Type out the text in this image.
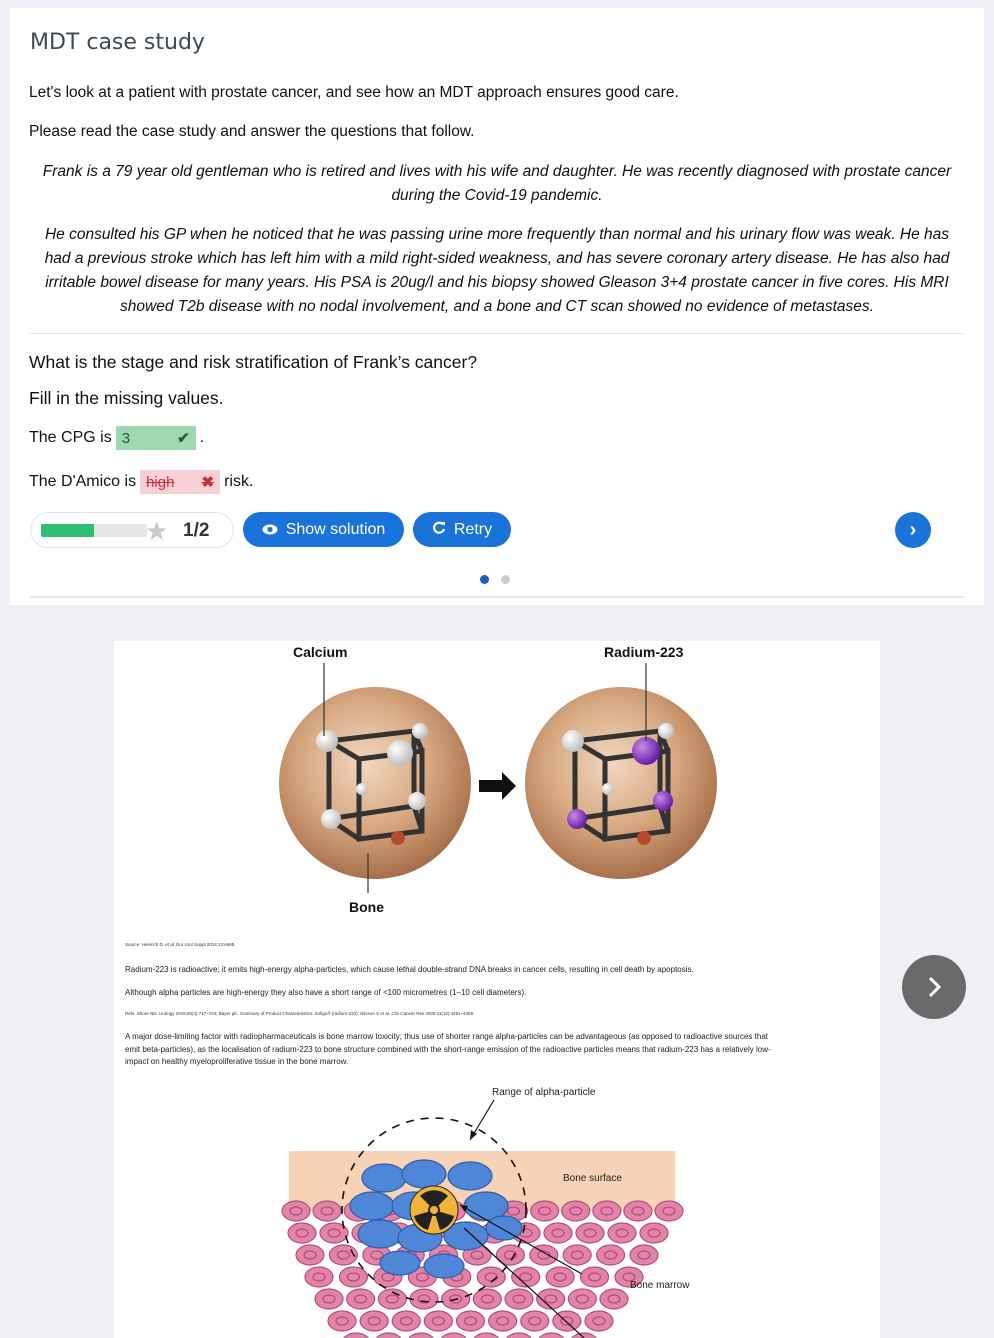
MDT case study

Let's look at a patient with prostate cancer, and see how an MDT approach ensures good care.

Please read the case study and answer the questions that follow.

Frank is a 79 year old gentleman who is retired and lives with his wife and daughter. He was recently diagnosed with prostate cancer
during the Covid-19 pandemic.
He consulted his GP when he noticed that he was passing urine more frequently than normal and his urinary flow was weak. He has
had a previous stroke which has left him with a mild right-sided weakness, and has severe coronary artery disease. He has also had
irritable bowel disease for many years. His PSA is 20ug/l and his biopsy showed Gleason 3+4 prostate cancer in five cores. His MRI
showed T2b disease with no nodal involvement, and a bone and CT scan showed no evidence of metastases.

What is the stage and risk stratification of Frank’s cancer?

Fill in the missing values.

The CPG is 3	✔ .
The D'Amico is high ✖ risk.
★ 1/2	Show solution	Retry	›
Calcium	Radium-223
Bone
Source: Heinrich D, et al. Eur Urol Suppl 2014;13:e665.
Radium-223 is radioactive; it emits high-energy alpha-particles, which cause lethal double-strand DNA breaks in cancer cells, resulting in cell death by apoptosis.
Although alpha particles are high-energy they also have a short range of <100 micrometres (1–10 cell diameters).
Refs: Shore ND. Urology 2015;85(4):717–724; Bayer plc. Summary of Product Characteristics. Xofigo® (radium-223); Nilsson S et al. Clin Cancer Res 2005;11(12):4451–4459.
A major dose-limiting factor with radiopharmaceuticals is bone marrow toxicity; thus use of shorter range alpha-particles can be advantageous (as opposed to radioactive sources that
emit beta-particles), as the localisation of radium-223 to bone structure combined with the short-range emission of the radioactive particles means that radium-223 has a relatively low-
impact on healthy myeloproliferative tissue in the bone marrow.
Range of alpha-particle
Bone surface
Bone marrow
